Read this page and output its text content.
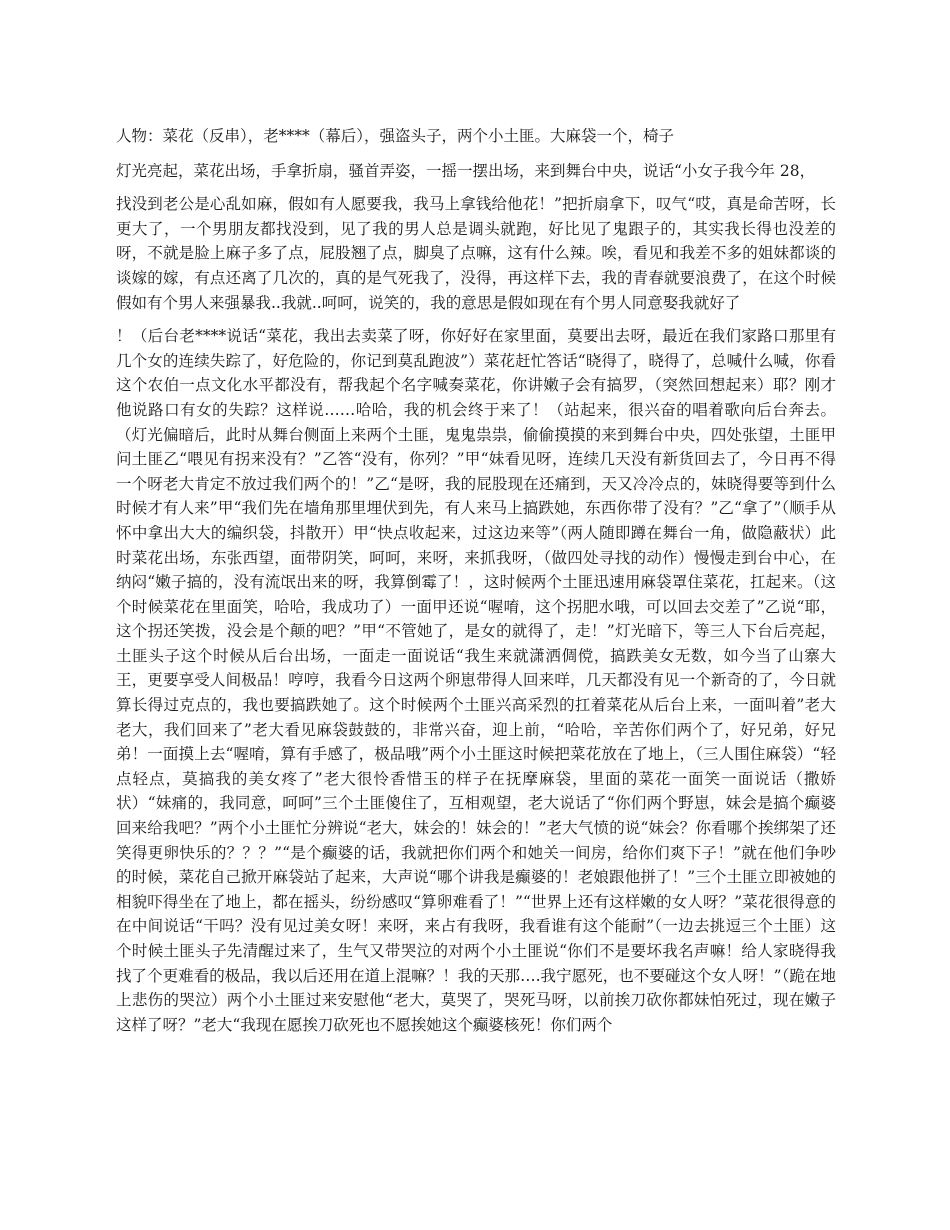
人物：菜花（反串），老****（幕后），强盗头子，两个小土匪。大麻袋一个，椅子

灯光亮起，菜花出场，手拿折扇，骚首弄姿，一摇一摆出场，来到舞台中央，说话“小女子我今年 28，

找没到老公是心乱如麻，假如有人愿要我，我马上拿钱给他花！”把折扇拿下，叹气“哎，真是命苦呀，长更大了，一个男朋友都找没到，见了我的男人总是调头就跑，好比见了鬼跟子的，其实我长得也没差的呀，不就是脸上麻子多了点，屁股翘了点，脚臭了点嘛，这有什么辣。唉，看见和我差不多的姐妹都谈的谈嫁的嫁，有点还离了几次的，真的是气死我了，没得，再这样下去，我的青春就要浪费了，在这个时候假如有个男人来强暴我..我就..呵呵，说笑的，我的意思是假如现在有个男人同意娶我就好了

！（后台老****说话“菜花，我出去卖菜了呀，你好好在家里面，莫要出去呀，最近在我们家路口那里有几个女的连续失踪了，好危险的，你记到莫乱跑波”）菜花赶忙答话“晓得了，晓得了，总喊什么喊，你看这个农伯一点文化水平都没有，帮我起个名字喊奏菜花，你讲嫩子会有搞罗，（突然回想起来）耶？刚才他说路口有女的失踪？这样说……哈哈，我的机会终于来了！（站起来，很兴奋的唱着歌向后台奔去。（灯光偏暗后，此时从舞台侧面上来两个土匪，鬼鬼祟祟，偷偷摸摸的来到舞台中央，四处张望，土匪甲问土匪乙“喂见有拐来没有？”乙答“没有，你列？”甲“妹看见呀，连续几天没有新货回去了，今日再不得一个呀老大肯定不放过我们两个的！”乙“是呀，我的屁股现在还痛到，天又冷冷点的，妹晓得要等到什么时候才有人来”甲“我们先在墙角那里埋伏到先，有人来马上搞跌她，东西你带了没有？”乙“拿了”（顺手从怀中拿出大大的编织袋，抖散开）甲“快点收起来，过这边来等”（两人随即蹲在舞台一角，做隐蔽状）此时菜花出场，东张西望，面带阴笑，呵呵，来呀，来抓我呀，（做四处寻找的动作）慢慢走到台中心，在纳闷“嫩子搞的，没有流氓出来的呀，我算倒霉了！，这时候两个土匪迅速用麻袋罩住菜花，扛起来。（这个时候菜花在里面笑，哈哈，我成功了）一面甲还说“喔唷，这个拐肥水哦，可以回去交差了”乙说“耶，这个拐还笑拨，没会是个颠的吧？”甲“不管她了，是女的就得了，走！”灯光暗下，等三人下台后亮起，土匪头子这个时候从后台出场，一面走一面说话“我生来就潇洒倜傥，搞跌美女无数，如今当了山寨大王，更要享受人间极品！哼哼，我看今日这两个卵崽带得人回来咩，几天都没有见一个新奇的了，今日就算长得过克点的，我也要搞跌她了。这个时候两个土匪兴高采烈的扛着菜花从后台上来，一面叫着”老大老大，我们回来了”老大看见麻袋鼓鼓的，非常兴奋，迎上前，“哈哈，辛苦你们两个了，好兄弟，好兄弟！一面摸上去“喔唷，算有手感了，极品哦”两个小土匪这时候把菜花放在了地上，（三人围住麻袋）“轻点轻点，莫搞我的美女疼了”老大很怜香惜玉的样子在抚摩麻袋，里面的菜花一面笑一面说话（撒娇状）“妹痛的，我同意，呵呵”三个土匪傻住了，互相观望，老大说话了“你们两个野崽，妹会是搞个癫婆回来给我吧？”两个小土匪忙分辨说“老大，妹会的！妹会的！”老大气愤的说“妹会？你看哪个挨绑架了还笑得更卵快乐的？？？”“是个癫婆的话，我就把你们两个和她关一间房，给你们爽下子！”就在他们争吵的时候，菜花自己掀开麻袋站了起来，大声说“哪个讲我是癫婆的！老娘跟他拼了！”三个土匪立即被她的相貌吓得坐在了地上，都在摇头，纷纷感叹“算卵难看了！”“世界上还有这样嫩的女人呀？”菜花很得意的在中间说话“干吗？没有见过美女呀！来呀，来占有我呀，我看谁有这个能耐”（一边去挑逗三个土匪）这个时候土匪头子先清醒过来了，生气又带哭泣的对两个小土匪说“你们不是要坏我名声嘛！给人家晓得我找了个更难看的极品，我以后还用在道上混嘛？！我的天那….我宁愿死，也不要碰这个女人呀！”（跪在地上悲伤的哭泣）两个小土匪过来安慰他“老大，莫哭了，哭死马呀，以前挨刀砍你都妹怕死过，现在嫩子这样了呀？”老大“我现在愿挨刀砍死也不愿挨她这个癫婆核死！你们两个
